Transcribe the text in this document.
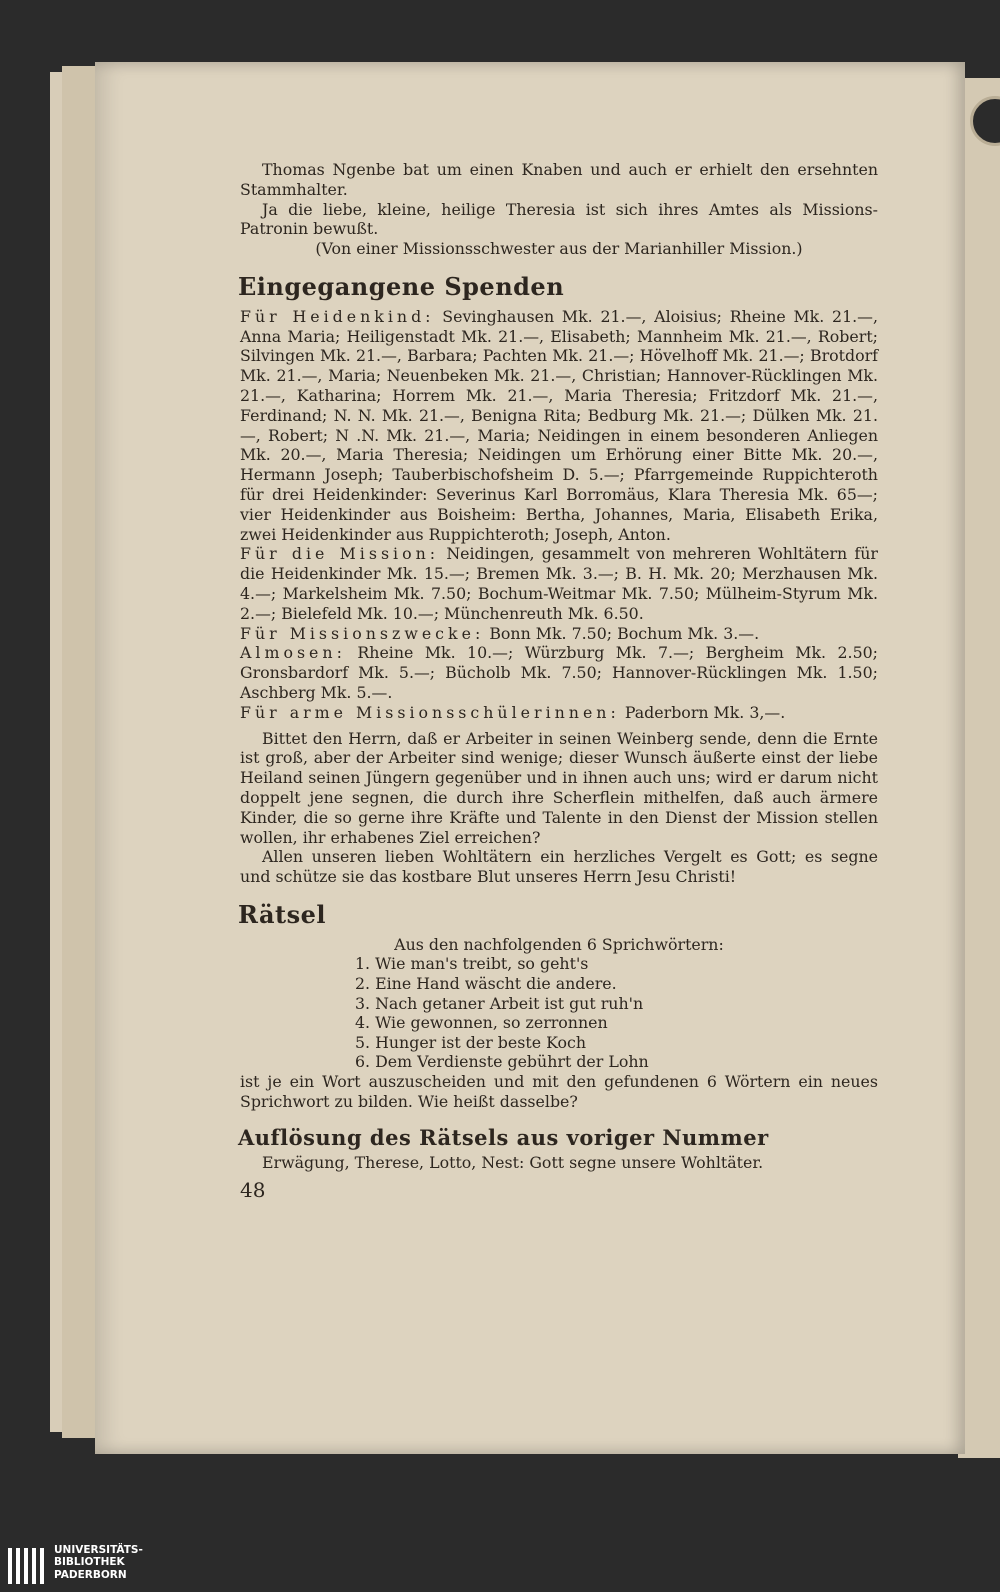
Thomas Ngenbe bat um einen Knaben und auch er erhielt den ersehnten Stammhalter.

Ja die liebe, kleine, heilige Theresia ist sich ihres Amtes als Missions-Patronin bewußt.

(Von einer Missionsschwester aus der Marianhiller Mission.)

Eingegangene Spenden

Für Heidenkind: Sevinghausen Mk. 21.—, Aloisius; Rheine Mk. 21.—, Anna Maria; Heiligenstadt Mk. 21.—, Elisabeth; Mannheim Mk. 21.—, Robert; Silvingen Mk. 21.—, Barbara; Pachten Mk. 21.—; Hövelhoff Mk. 21.—; Brotdorf Mk. 21.—, Maria; Neuenbeken Mk. 21.—, Christian; Hannover-Rücklingen Mk. 21.—, Katharina; Horrem Mk. 21.—, Maria Theresia; Fritzdorf Mk. 21.—, Ferdinand; N. N. Mk. 21.—, Benigna Rita; Bedburg Mk. 21.—; Dülken Mk. 21.—, Robert; N .N. Mk. 21.—, Maria; Neidingen in einem besonderen Anliegen Mk. 20.—, Maria Theresia; Neidingen um Erhörung einer Bitte Mk. 20.—, Hermann Joseph; Tauberbischofsheim D. 5.—; Pfarrgemeinde Ruppichteroth für drei Heidenkinder: Severinus Karl Borromäus, Klara Theresia Mk. 65—; vier Heidenkinder aus Boisheim: Bertha, Johannes, Maria, Elisabeth Erika, zwei Heidenkinder aus Ruppichteroth; Joseph, Anton.

Für die Mission: Neidingen, gesammelt von mehreren Wohltätern für die Heidenkinder Mk. 15.—; Bremen Mk. 3.—; B. H. Mk. 20; Merzhausen Mk. 4.—; Markelsheim Mk. 7.50; Bochum-Weitmar Mk. 7.50; Mülheim-Styrum Mk. 2.—; Bielefeld Mk. 10.—; Münchenreuth Mk. 6.50.

Für Missionszwecke: Bonn Mk. 7.50; Bochum Mk. 3.—.

Almosen: Rheine Mk. 10.—; Würzburg Mk. 7.—; Bergheim Mk. 2.50; Gronsbardorf Mk. 5.—; Bücholb Mk. 7.50; Hannover-Rücklingen Mk. 1.50; Aschberg Mk. 5.—.

Für arme Missionsschülerinnen: Paderborn Mk. 3,—.

Bittet den Herrn, daß er Arbeiter in seinen Weinberg sende, denn die Ernte ist groß, aber der Arbeiter sind wenige; dieser Wunsch äußerte einst der liebe Heiland seinen Jüngern gegenüber und in ihnen auch uns; wird er darum nicht doppelt jene segnen, die durch ihre Scherflein mithelfen, daß auch ärmere Kinder, die so gerne ihre Kräfte und Talente in den Dienst der Mission stellen wollen, ihr erhabenes Ziel erreichen?

Allen unseren lieben Wohltätern ein herzliches Vergelt es Gott; es segne und schütze sie das kostbare Blut unseres Herrn Jesu Christi!

Rätsel

Aus den nachfolgenden 6 Sprichwörtern:

1. Wie man's treibt, so geht's
2. Eine Hand wäscht die andere.
3. Nach getaner Arbeit ist gut ruh'n
4. Wie gewonnen, so zerronnen
5. Hunger ist der beste Koch
6. Dem Verdienste gebührt der Lohn

ist je ein Wort auszuscheiden und mit den gefundenen 6 Wörtern ein neues Sprichwort zu bilden. Wie heißt dasselbe?

Auflösung des Rätsels aus voriger Nummer

Erwägung, Therese, Lotto, Nest: Gott segne unsere Wohltäter.

48
UNIVERSITÄTS-
BIBLIOTHEK
PADERBORN
